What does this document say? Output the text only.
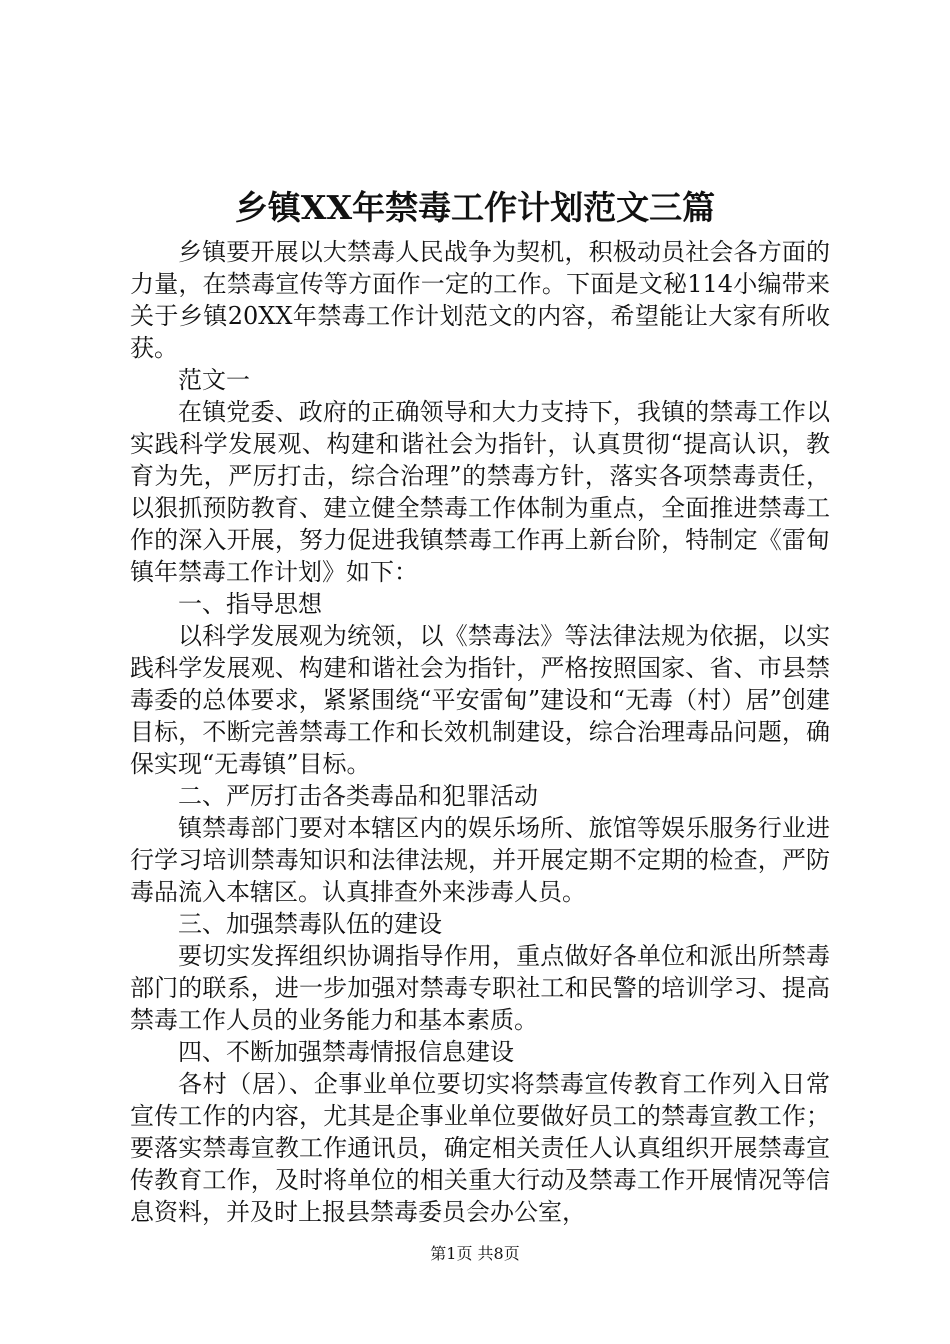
乡镇XX年禁毒工作计划范文三篇

乡镇要开展以大禁毒人民战争为契机，积极动员社会各方面的力量，在禁毒宣传等方面作一定的工作。下面是文秘114小编带来关于乡镇20XX年禁毒工作计划范文的内容，希望能让大家有所收获。

范文一

在镇党委、政府的正确领导和大力支持下，我镇的禁毒工作以实践科学发展观、构建和谐社会为指针，认真贯彻“提高认识，教育为先，严厉打击，综合治理”的禁毒方针，落实各项禁毒责任，以狠抓预防教育、建立健全禁毒工作体制为重点，全面推进禁毒工作的深入开展，努力促进我镇禁毒工作再上新台阶，特制定《雷甸镇年禁毒工作计划》如下：

一、指导思想

以科学发展观为统领，以《禁毒法》等法律法规为依据，以实践科学发展观、构建和谐社会为指针，严格按照国家、省、市县禁毒委的总体要求，紧紧围绕“平安雷甸”建设和“无毒（村）居”创建目标，不断完善禁毒工作和长效机制建设，综合治理毒品问题，确保实现“无毒镇”目标。

二、严厉打击各类毒品和犯罪活动

镇禁毒部门要对本辖区内的娱乐场所、旅馆等娱乐服务行业进行学习培训禁毒知识和法律法规，并开展定期不定期的检查，严防毒品流入本辖区。认真排查外来涉毒人员。

三、加强禁毒队伍的建设

要切实发挥组织协调指导作用，重点做好各单位和派出所禁毒部门的联系，进一步加强对禁毒专职社工和民警的培训学习、提高禁毒工作人员的业务能力和基本素质。

四、不断加强禁毒情报信息建设

各村（居）、企事业单位要切实将禁毒宣传教育工作列入日常宣传工作的内容，尤其是企事业单位要做好员工的禁毒宣教工作；要落实禁毒宣教工作通讯员，确定相关责任人认真组织开展禁毒宣传教育工作，及时将单位的相关重大行动及禁毒工作开展情况等信息资料，并及时上报县禁毒委员会办公室，

第1页 共8页
